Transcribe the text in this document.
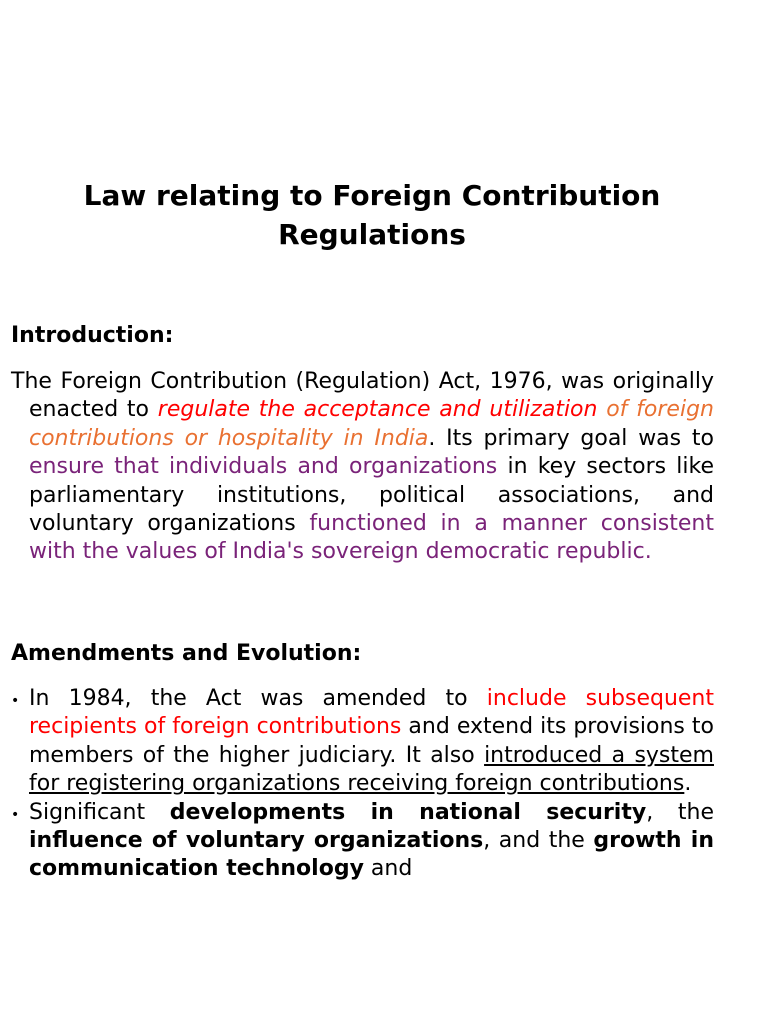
Law relating to Foreign Contribution Regulations
Introduction:

The Foreign Contribution (Regulation) Act, 1976, was originally enacted to regulate the acceptance and utilization of foreign contributions or hospitality in India. Its primary goal was to ensure that individuals and organizations in key sectors like parliamentary institutions, political associations, and voluntary organizations functioned in a manner consistent with the values of India's sovereign democratic republic.

Amendments and Evolution:
• In 1984, the Act was amended to include subsequent recipients of foreign contributions and extend its provisions to members of the higher judiciary. It also introduced a system for registering organizations receiving foreign contributions.
• Significant developments in national security, the influence of voluntary organizations, and the growth in communication technology and
